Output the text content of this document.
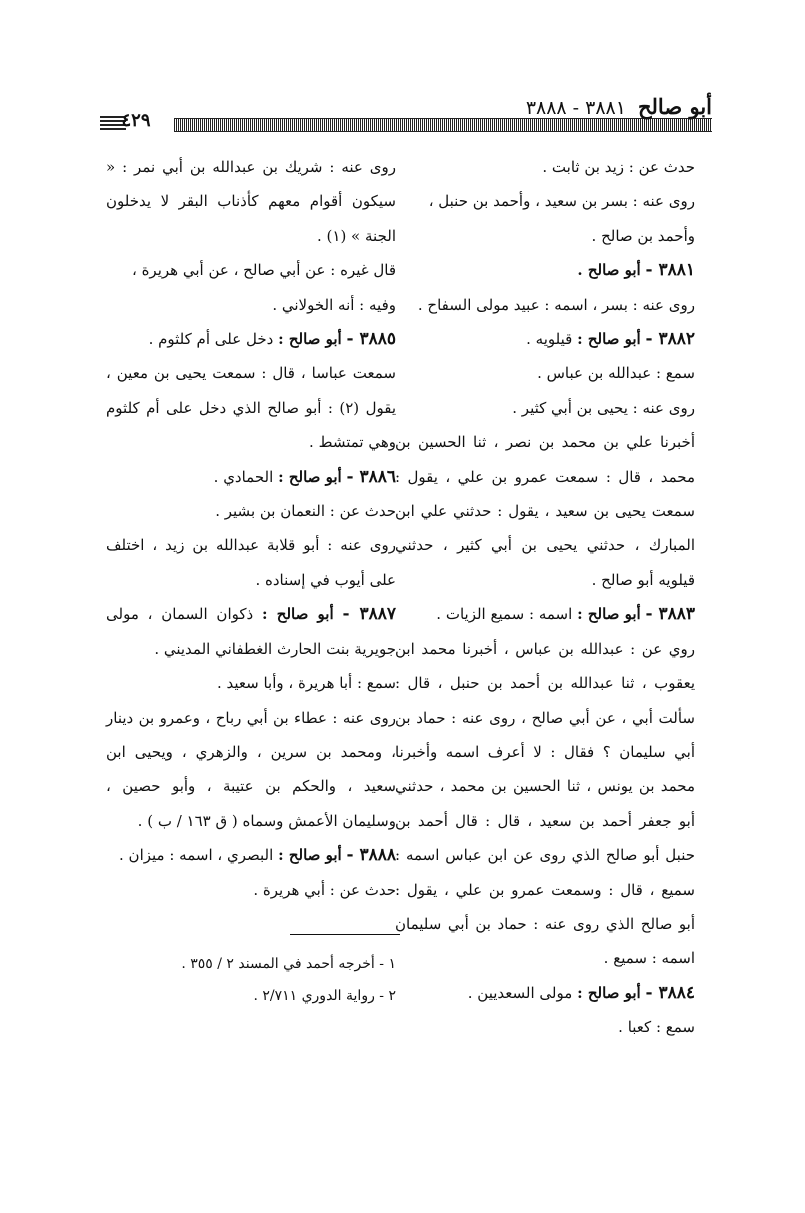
٤٢٩
أبو صالح٣٨٨١ - ٣٨٨٨

حدث عن : زيد بن ثابت .

روى عنه : بسر بن سعيد ، وأحمد بن حنبل ،

وأحمد بن صالح .

٣٨٨١ - أبو صالح .

روى عنه : بسر ، اسمه : عبيد مولى السفاح .

٣٨٨٢ - أبو صالح : قيلويه .

سمع : عبدالله بن عباس .

روى عنه : يحيى بن أبي كثير .

أخبرنا علي بن محمد بن نصر ، ثنا الحسين بن محمد ، قال : سمعت عمرو بن علي ، يقول : سمعت يحيى بن سعيد ، يقول : حدثني علي ابن المبارك ، حدثني يحيى بن أبي كثير ، حدثني قيلويه أبو صالح .

٣٨٨٣ - أبو صالح : اسمه : سميع الزيات .

روي عن : عبدالله بن عباس ، أخبرنا محمد ابن يعقوب ، ثنا عبدالله بن أحمد بن حنبل ، قال : سألت أبي ، عن أبي صالح ، روى عنه : حماد بن أبي سليمان ؟ فقال : لا أعرف اسمه وأخبرنا محمد بن يونس ، ثنا الحسين بن محمد ، حدثني أبو جعفر أحمد بن سعيد ، قال : قال أحمد بن حنبل أبو صالح الذي روى عن ابن عباس اسمه : سميع ، قال : وسمعت عمرو بن علي ، يقول : أبو صالح الذي روى عنه : حماد بن أبي سليمان اسمه : سميع .

٣٨٨٤ - أبو صالح : مولى السعديين .

سمع : كعبا .

روى عنه : شريك بن عبدالله بن أبي نمر : « سيكون أقوام معهم كأذناب البقر لا يدخلون الجنة » (١) .

قال غيره : عن أبي صالح ، عن أبي هريرة ،

وفيه : أنه الخولاني .

٣٨٨٥ - أبو صالح : دخل على أم كلثوم .

سمعت عباسا ، قال : سمعت يحيى بن معين ، يقول (٢) : أبو صالح الذي دخل على أم كلثوم وهي تمتشط .

٣٨٨٦ - أبو صالح : الحمادي .

حدث عن : النعمان بن بشير .

روى عنه : أبو قلابة عبدالله بن زيد ، اختلف على أيوب في إسناده .

٣٨٨٧ - أبو صالح : ذكوان السمان ، مولى جويرية بنت الحارث الغطفاني المديني .

سمع : أبا هريرة ، وأبا سعيد .

روى عنه : عطاء بن أبي رباح ، وعمرو بن دينار ، ومحمد بن سرين ، والزهري ، ويحيى ابن سعيد ، والحكم بن عتيبة ، وأبو حصين ، وسليمان الأعمش وسماه ( ق ١٦٣ / ب ) .

٣٨٨٨ - أبو صالح : البصري ، اسمه : ميزان .

حدث عن : أبي هريرة .

١ - أخرجه أحمد في المسند ٢ / ٣٥٥ .

٢ - رواية الدوري ٢/٧١١ .
